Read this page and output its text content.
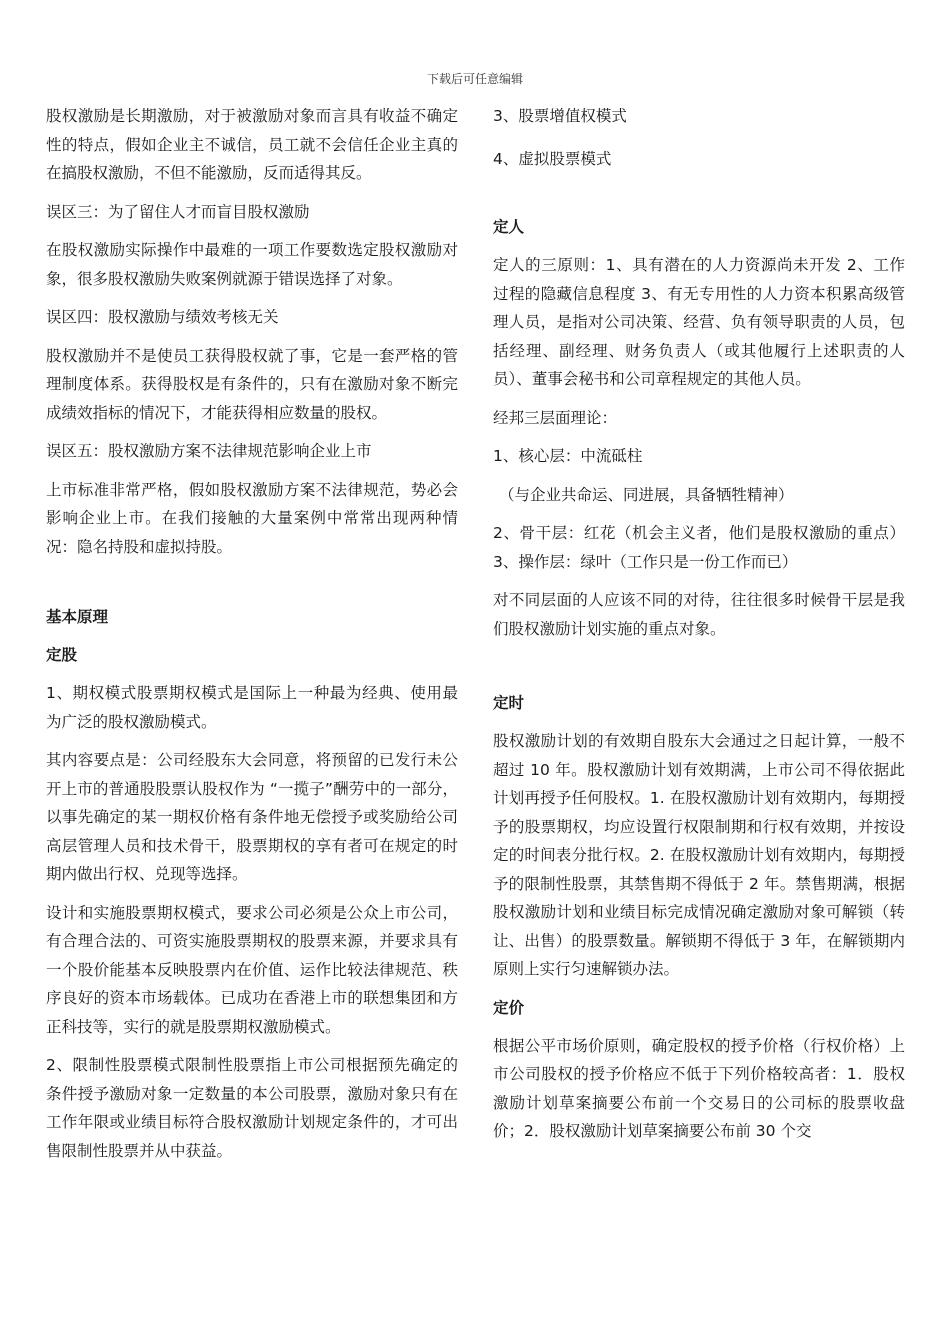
下载后可任意编辑

股权激励是长期激励，对于被激励对象而言具有收益不确定性的特点，假如企业主不诚信，员工就不会信任企业主真的在搞股权激励，不但不能激励，反而适得其反。

误区三：为了留住人才而盲目股权激励

在股权激励实际操作中最难的一项工作要数选定股权激励对象，很多股权激励失败案例就源于错误选择了对象。

误区四：股权激励与绩效考核无关

股权激励并不是使员工获得股权就了事，它是一套严格的管理制度体系。获得股权是有条件的，只有在激励对象不断完成绩效指标的情况下，才能获得相应数量的股权。

误区五：股权激励方案不法律规范影响企业上市

上市标准非常严格，假如股权激励方案不法律规范，势必会影响企业上市。在我们接触的大量案例中常常出现两种情况：隐名持股和虚拟持股。

基本原理

定股

1、期权模式股票期权模式是国际上一种最为经典、使用最为广泛的股权激励模式。

其内容要点是：公司经股东大会同意，将预留的已发行未公开上市的普通股股票认股权作为 “一揽子”酬劳中的一部分，以事先确定的某一期权价格有条件地无偿授予或奖励给公司高层管理人员和技术骨干，股票期权的享有者可在规定的时期内做出行权、兑现等选择。

设计和实施股票期权模式，要求公司必须是公众上市公司，有合理合法的、可资实施股票期权的股票来源，并要求具有一个股价能基本反映股票内在价值、运作比较法律规范、秩序良好的资本市场载体。已成功在香港上市的联想集团和方正科技等，实行的就是股票期权激励模式。

2、限制性股票模式限制性股票指上市公司根据预先确定的条件授予激励对象一定数量的本公司股票，激励对象只有在工作年限或业绩目标符合股权激励计划规定条件的，才可出售限制性股票并从中获益。

3、股票增值权模式

4、虚拟股票模式

定人

定人的三原则：1、具有潜在的人力资源尚未开发 2、工作过程的隐藏信息程度 3、有无专用性的人力资本积累高级管理人员，是指对公司决策、经营、负有领导职责的人员，包括经理、副经理、财务负责人（或其他履行上述职责的人员）、董事会秘书和公司章程规定的其他人员。

经邦三层面理论：

1、核心层：中流砥柱

（与企业共命运、同进展，具备牺牲精神）

2、骨干层：红花（机会主义者，他们是股权激励的重点）3、操作层：绿叶（工作只是一份工作而已）

对不同层面的人应该不同的对待，往往很多时候骨干层是我们股权激励计划实施的重点对象。

定时

股权激励计划的有效期自股东大会通过之日起计算，一般不超过 10 年。股权激励计划有效期满，上市公司不得依据此计划再授予任何股权。1. 在股权激励计划有效期内，每期授予的股票期权，均应设置行权限制期和行权有效期，并按设定的时间表分批行权。2. 在股权激励计划有效期内，每期授予的限制性股票，其禁售期不得低于 2 年。禁售期满，根据股权激励计划和业绩目标完成情况确定激励对象可解锁（转让、出售）的股票数量。解锁期不得低于 3 年，在解锁期内原则上实行匀速解锁办法。

定价

根据公平市场价原则，确定股权的授予价格（行权价格）上市公司股权的授予价格应不低于下列价格较高者：1．股权激励计划草案摘要公布前一个交易日的公司标的股票收盘价；2．股权激励计划草案摘要公布前 30 个交
